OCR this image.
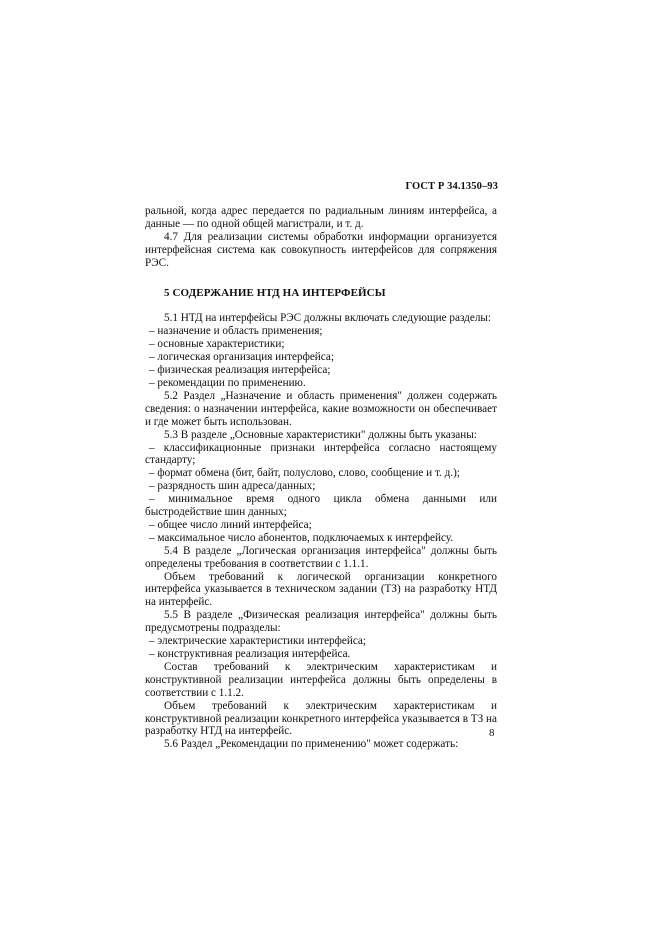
ГОСТ Р 34.1350–93

ральной, когда адрес передается по радиальным линиям интерфейса, а данные — по одной общей магистрали, и т. д.

4.7 Для реализации системы обработки информации организуется интерфейсная система как совокупность интерфейсов для сопряжения РЭС.

5 СОДЕРЖАНИЕ НТД НА ИНТЕРФЕЙСЫ

5.1 НТД на интерфейсы РЭС должны включать следующие разделы:

– назначение и область применения;

– основные характеристики;

– логическая организация интерфейса;

– физическая реализация интерфейса;

– рекомендации по применению.

5.2 Раздел „Назначение и область применения" должен содержать сведения: о назначении интерфейса, какие возможности он обеспечивает и где может быть использован.

5.3 В разделе „Основные характеристики" должны быть указаны:

– классификационные признаки интерфейса согласно настоящему стандарту;

– формат обмена (бит, байт, полуслово, слово, сообщение и т. д.);

– разрядность шин адреса/данных;

– минимальное время одного цикла обмена данными или быстродействие шин данных;

– общее число линий интерфейса;

– максимальное число абонентов, подключаемых к интерфейсу.

5.4 В разделе „Логическая организация интерфейса" должны быть определены требования в соответствии с 1.1.1.

Объем требований к логической организации конкретного интерфейса указывается в техническом задании (ТЗ) на разработку НТД на интерфейс.

5.5 В разделе „Физическая реализация интерфейса" должны быть предусмотрены подразделы:

– электрические характеристики интерфейса;

– конструктивная реализация интерфейса.

Состав требований к электрическим характеристикам и конструктивной реализации интерфейса должны быть определены в соответствии с 1.1.2.

Объем требований к электрическим характеристикам и конструктивной реализации конкретного интерфейса указывается в ТЗ на разработку НТД на интерфейс.

5.6 Раздел „Рекомендации по применению" может содержать:

8
